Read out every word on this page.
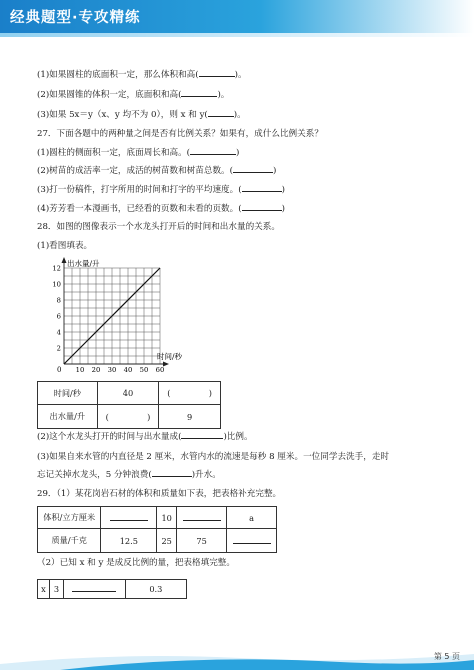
经典题型·专攻精练
(1)如果圆柱的底面积一定，那么体积和高(	)。
(2)如果圆锥的体积一定，底面积和高(	)。
(3)如果 5x＝y（x、y 均不为 0），则 x 和 y(	)。
27．下面各题中的两种量之间是否有比例关系？如果有，成什么比例关系？
(1)圆柱的侧面积一定，底面周长和高。(	)
(2)树苗的成活率一定，成活的树苗数和树苗总数。(	)
(3)打一份稿件，打字所用的时间和打字的平均速度。(	)
(4)芳芳看一本漫画书，已经看的页数和未看的页数。(	)
28．如图的图像表示一个水龙头打开后的时间和出水量的关系。
(1)看图填表。
10 20 30 40 50 60
2
4
6
8
10
12
出水量/升
时间/秒
0
时间/秒	40	( )

出水量/升	( )	9
(2)这个水龙头打开的时间与出水量成(	)比例。
(3)如果自来水管的内直径是 2 厘米，水管内水的流速是每秒 8 厘米。一位同学去洗手，走时
忘记关掉水龙头，5 分钟浪费(	)升水。
29．（1）某花岗岩石材的体积和质量如下表，把表格补充完整。
体积/立方厘米		10		a
质量/千克	12.5	25	75	
（2）已知 x 和 y 是成反比例的量，把表格填完整。
x	3		0.3
第 5 页
